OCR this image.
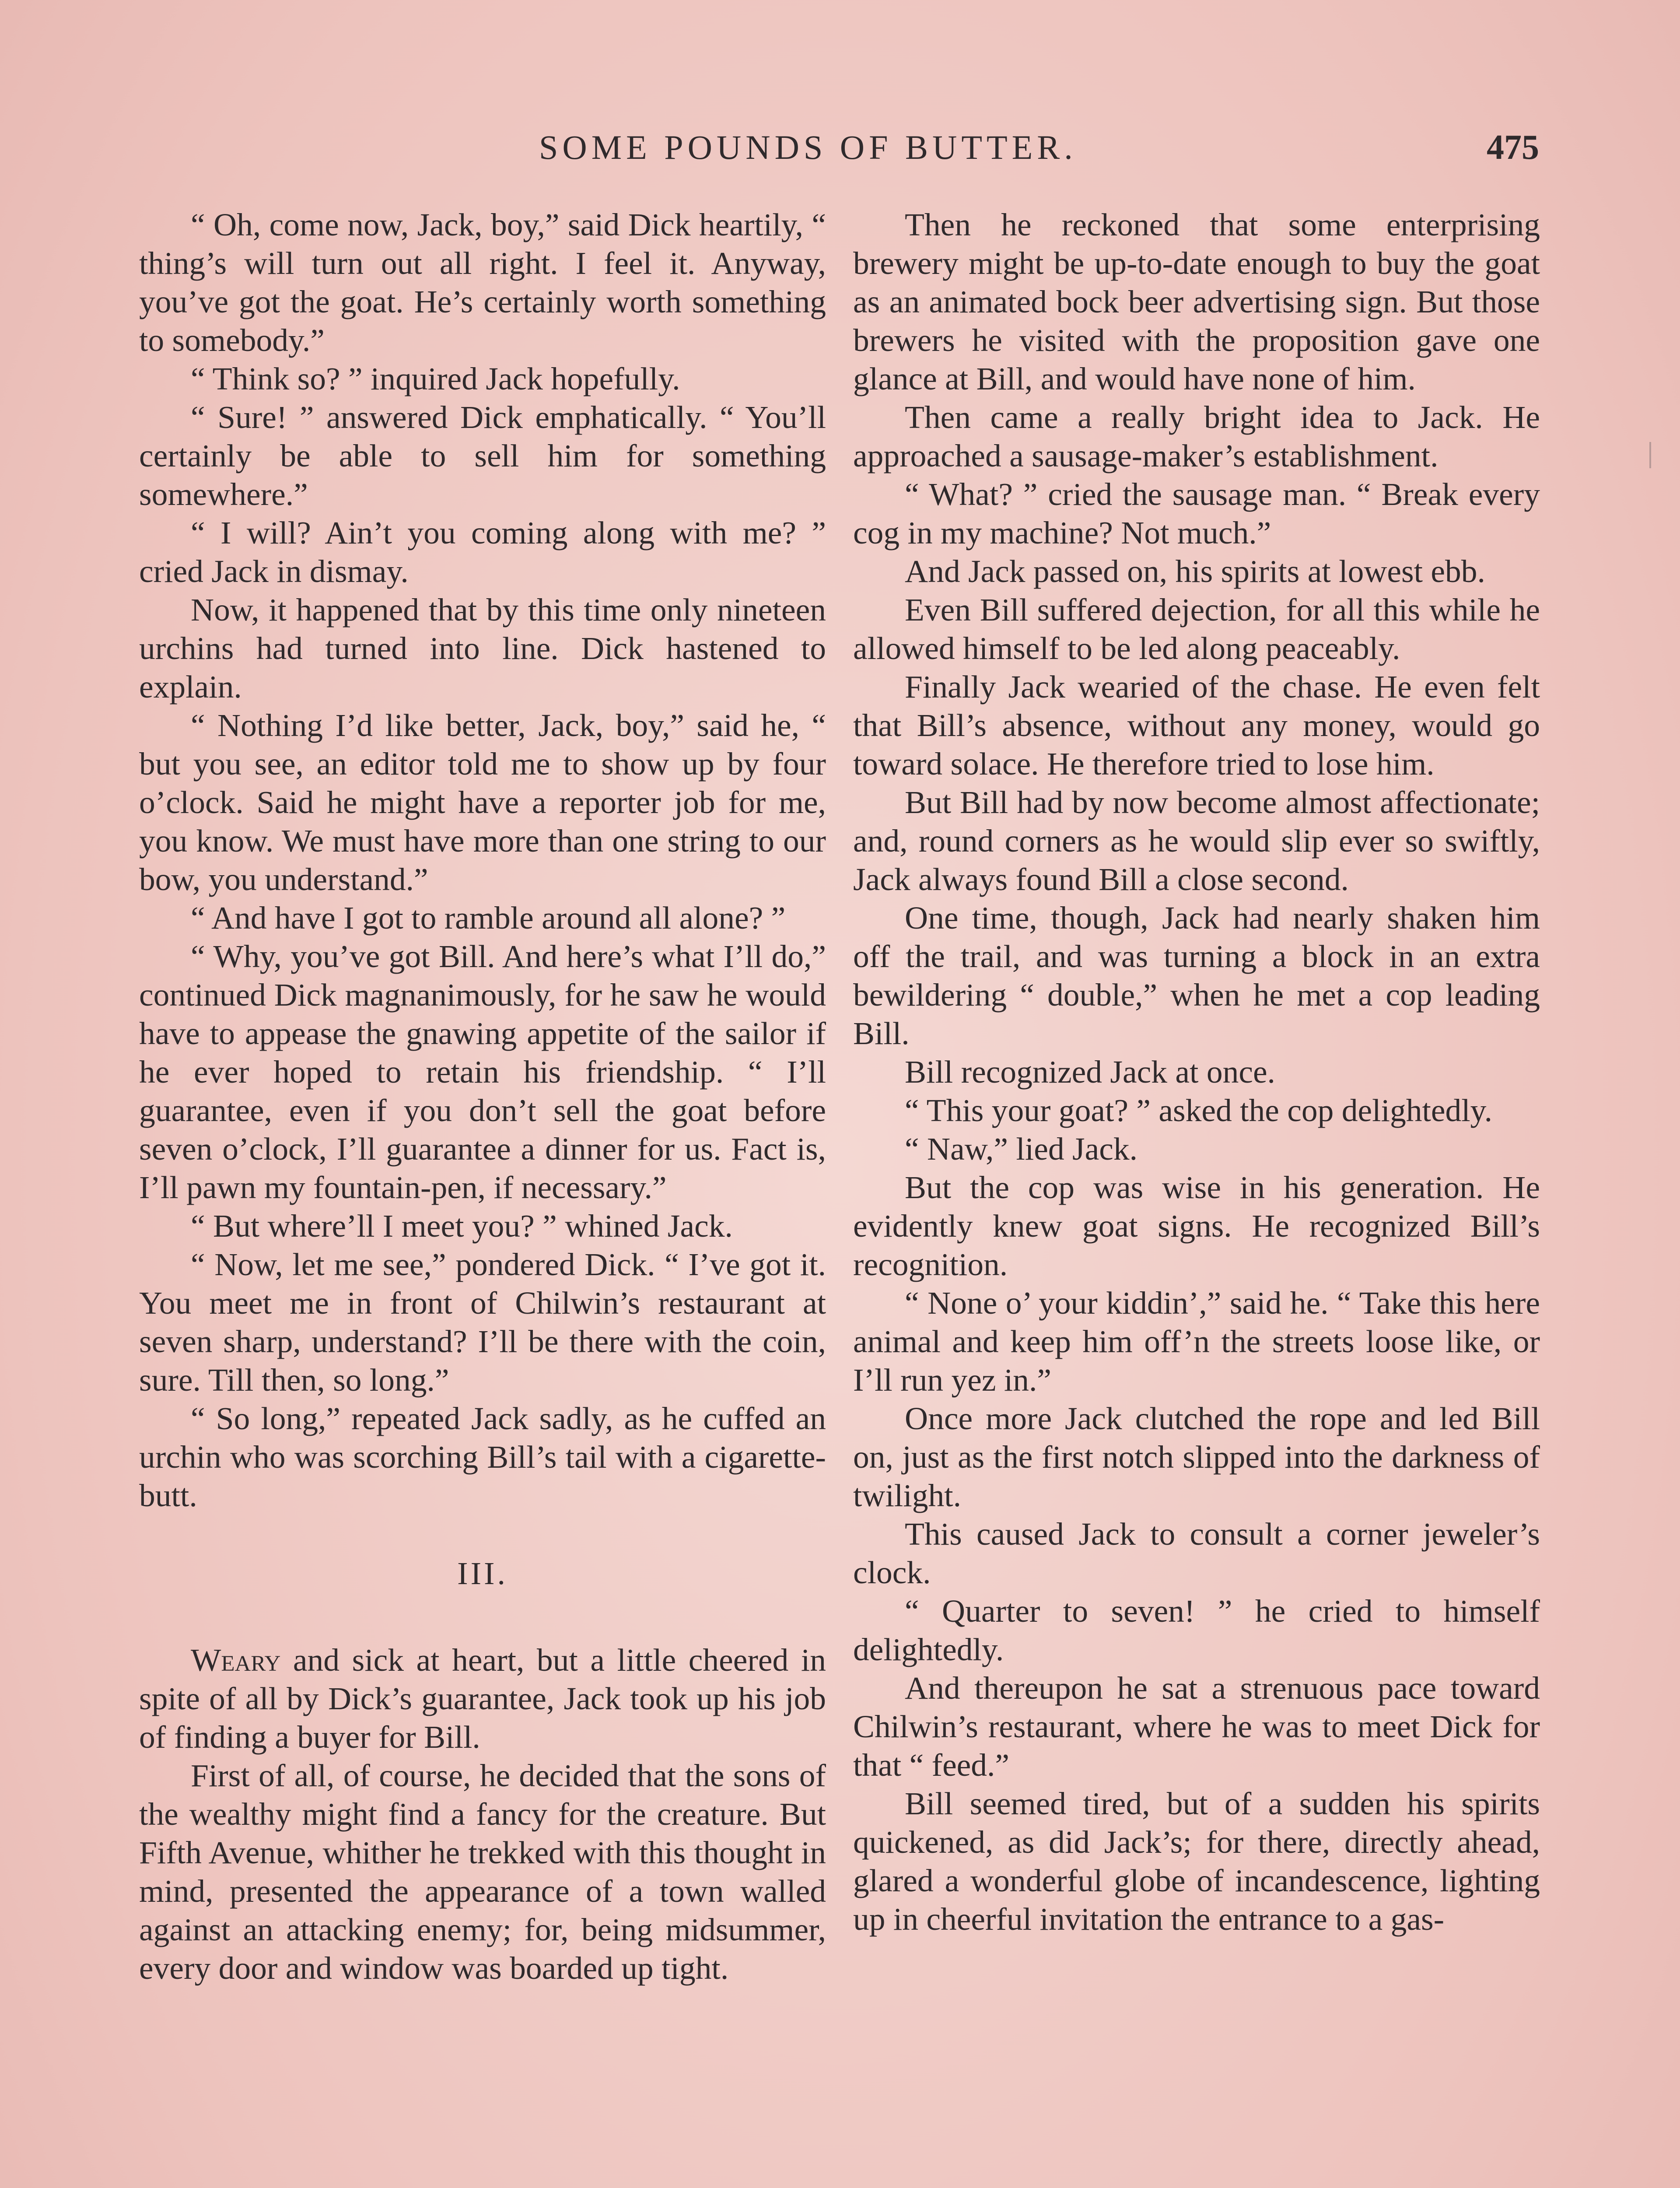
SOME POUNDS OF BUTTER.	475

“ Oh, come now, Jack, boy,” said Dick heartily, “ thing’s will turn out all right. I feel it. Anyway, you’ve got the goat. He’s certainly worth something to somebody.”

“ Think so? ” inquired Jack hopefully.

“ Sure! ” answered Dick emphatically. “ You’ll certainly be able to sell him for something somewhere.”

“ I will? Ain’t you coming along with me? ” cried Jack in dismay.

Now, it happened that by this time only nineteen urchins had turned into line. Dick hastened to explain.

“ Nothing I’d like better, Jack, boy,” said he, “ but you see, an editor told me to show up by four o’clock. Said he might have a reporter job for me, you know. We must have more than one string to our bow, you understand.”

“ And have I got to ramble around all alone? ”

“ Why, you’ve got Bill. And here’s what I’ll do,” continued Dick magnanimously, for he saw he would have to appease the gnawing appetite of the sailor if he ever hoped to retain his friendship. “ I’ll guarantee, even if you don’t sell the goat before seven o’clock, I’ll guarantee a dinner for us. Fact is, I’ll pawn my fountain-pen, if necessary.”

“ But where’ll I meet you? ” whined Jack.

“ Now, let me see,” pondered Dick. “ I’ve got it. You meet me in front of Chilwin’s restaurant at seven sharp, understand? I’ll be there with the coin, sure. Till then, so long.”

“ So long,” repeated Jack sadly, as he cuffed an urchin who was scorching Bill’s tail with a cigarette-butt.

III.

Weary and sick at heart, but a little cheered in spite of all by Dick’s guarantee, Jack took up his job of finding a buyer for Bill.

First of all, of course, he decided that the sons of the wealthy might find a fancy for the creature. But Fifth Avenue, whither he trekked with this thought in mind, presented the appearance of a town walled against an attacking enemy; for, being midsummer, every door and window was boarded up tight.

Then he reckoned that some enterprising brewery might be up-to-date enough to buy the goat as an animated bock beer advertising sign. But those brewers he visited with the proposition gave one glance at Bill, and would have none of him.

Then came a really bright idea to Jack. He approached a sausage-maker’s establishment.

“ What? ” cried the sausage man. “ Break every cog in my machine? Not much.”

And Jack passed on, his spirits at lowest ebb.

Even Bill suffered dejection, for all this while he allowed himself to be led along peaceably.

Finally Jack wearied of the chase. He even felt that Bill’s absence, without any money, would go toward solace. He therefore tried to lose him.

But Bill had by now become almost affectionate; and, round corners as he would slip ever so swiftly, Jack always found Bill a close second.

One time, though, Jack had nearly shaken him off the trail, and was turning a block in an extra bewildering “ double,” when he met a cop leading Bill.

Bill recognized Jack at once.

“ This your goat? ” asked the cop delightedly.

“ Naw,” lied Jack.

But the cop was wise in his generation. He evidently knew goat signs. He recognized Bill’s recognition.

“ None o’ your kiddin’,” said he. “ Take this here animal and keep him off’n the streets loose like, or I’ll run yez in.”

Once more Jack clutched the rope and led Bill on, just as the first notch slipped into the darkness of twilight.

This caused Jack to consult a corner jeweler’s clock.

“ Quarter to seven! ” he cried to himself delightedly.

And thereupon he sat a strenuous pace toward Chilwin’s restaurant, where he was to meet Dick for that “ feed.”

Bill seemed tired, but of a sudden his spirits quickened, as did Jack’s; for there, directly ahead, glared a wonderful globe of incandescence, lighting up in cheerful invitation the entrance to a gas-
